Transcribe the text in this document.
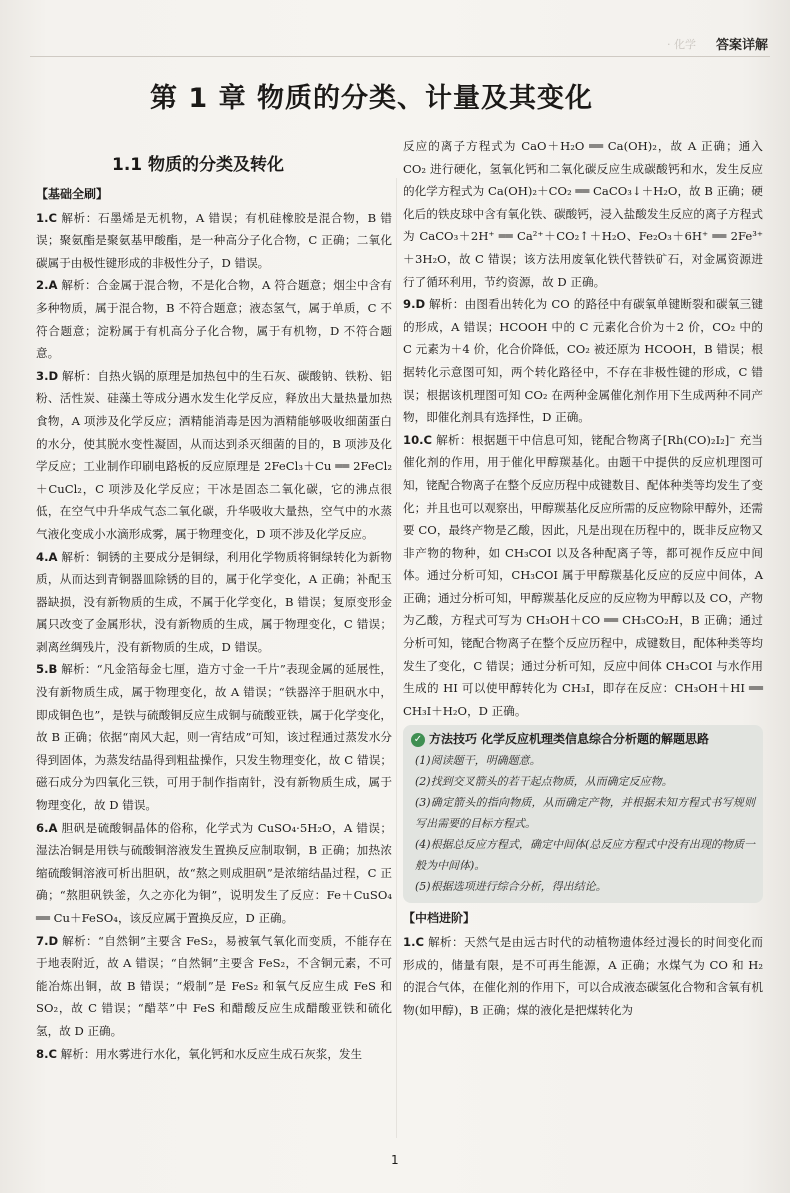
· 化学 答案详解
第 1 章 物质的分类、计量及其变化
1.1 物质的分类及转化
【基础全刷】
1.C 解析：石墨烯是无机物，A 错误；有机硅橡胶是混合物，B 错误；聚氨酯是聚氨基甲酸酯，是一种高分子化合物，C 正确；二氧化碳属于由极性键形成的非极性分子，D 错误。
2.A 解析：合金属于混合物，不是化合物，A 符合题意；烟尘中含有多种物质，属于混合物，B 不符合题意；液态氢气，属于单质，C 不符合题意；淀粉属于有机高分子化合物，属于有机物，D 不符合题意。
3.D 解析：自热火锅的原理是加热包中的生石灰、碳酸钠、铁粉、铝粉、活性炭、硅藻土等成分遇水发生化学反应，释放出大量热量加热食物，A 项涉及化学反应；酒精能消毒是因为酒精能够吸收细菌蛋白的水分，使其脱水变性凝固，从而达到杀灭细菌的目的，B 项涉及化学反应；工业制作印刷电路板的反应原理是 2FeCl₃＋Cu ══ 2FeCl₂＋CuCl₂，C 项涉及化学反应；干冰是固态二氧化碳，它的沸点很低，在空气中升华成气态二氧化碳，升华吸收大量热，空气中的水蒸气液化变成小水滴形成雾，属于物理变化，D 项不涉及化学反应。
4.A 解析：铜锈的主要成分是铜绿，利用化学物质将铜绿转化为新物质，从而达到青铜器皿除锈的目的，属于化学变化，A 正确；补配玉器缺损，没有新物质的生成，不属于化学变化，B 错误；复原变形金属只改变了金属形状，没有新物质的生成，属于物理变化，C 错误；剥离丝绸残片，没有新物质的生成，D 错误。
5.B 解析：“凡金箔每金七厘，造方寸金一千片”表现金属的延展性，没有新物质生成，属于物理变化，故 A 错误；“铁器淬于胆矾水中，即成铜色也”，是铁与硫酸铜反应生成铜与硫酸亚铁，属于化学变化，故 B 正确；依据“南风大起，则一宵结成”可知，该过程通过蒸发水分得到固体，为蒸发结晶得到粗盐操作，只发生物理变化，故 C 错误；磁石成分为四氧化三铁，可用于制作指南针，没有新物质生成，属于物理变化，故 D 错误。
6.A 胆矾是硫酸铜晶体的俗称，化学式为 CuSO₄·5H₂O，A 错误；湿法冶铜是用铁与硫酸铜溶液发生置换反应制取铜，B 正确；加热浓缩硫酸铜溶液可析出胆矾，故“熬之则成胆矾”是浓缩结晶过程，C 正确；“熬胆矾铁釜，久之亦化为铜”，说明发生了反应：Fe＋CuSO₄ ══ Cu＋FeSO₄，该反应属于置换反应，D 正确。
7.D 解析：“自然铜”主要含 FeS₂，易被氧气氧化而变质，不能存在于地表附近，故 A 错误；“自然铜”主要含 FeS₂，不含铜元素，不可能冶炼出铜，故 B 错误；“煅制”是 FeS₂ 和氧气反应生成 FeS 和 SO₂，故 C 错误；“醋萃”中 FeS 和醋酸反应生成醋酸亚铁和硫化氢，故 D 正确。
8.C 解析：用水雾进行水化，氧化钙和水反应生成石灰浆，发生
反应的离子方程式为 CaO＋H₂O ══ Ca(OH)₂，故 A 正确；通入 CO₂ 进行硬化，氢氧化钙和二氧化碳反应生成碳酸钙和水，发生反应的化学方程式为 Ca(OH)₂＋CO₂ ══ CaCO₃↓＋H₂O，故 B 正确；硬化后的铁皮球中含有氧化铁、碳酸钙，浸入盐酸发生反应的离子方程式为 CaCO₃＋2H⁺ ══ Ca²⁺＋CO₂↑＋H₂O、Fe₂O₃＋6H⁺ ══ 2Fe³⁺＋3H₂O，故 C 错误；该方法用废氧化铁代替铁矿石，对金属资源进行了循环利用，节约资源，故 D 正确。
9.D 解析：由图看出转化为 CO 的路径中有碳氧单键断裂和碳氧三键的形成，A 错误；HCOOH 中的 C 元素化合价为＋2 价，CO₂ 中的 C 元素为＋4 价，化合价降低，CO₂ 被还原为 HCOOH，B 错误；根据转化示意图可知，两个转化路径中，不存在非极性键的形成，C 错误；根据该机理图可知 CO₂ 在两种金属催化剂作用下生成两种不同产物，即催化剂具有选择性，D 正确。
10.C 解析：根据题干中信息可知，铑配合物离子[Rh(CO)₂I₂]⁻ 充当催化剂的作用，用于催化甲醇羰基化。由题干中提供的反应机理图可知，铑配合物离子在整个反应历程中成键数目、配体种类等均发生了变化；并且也可以观察出，甲醇羰基化反应所需的反应物除甲醇外，还需要 CO，最终产物是乙酸，因此，凡是出现在历程中的，既非反应物又非产物的物种，如 CH₃COI 以及各种配离子等，都可视作反应中间体。通过分析可知，CH₃COI 属于甲醇羰基化反应的反应中间体，A 正确；通过分析可知，甲醇羰基化反应的反应物为甲醇以及 CO，产物为乙酸，方程式可写为 CH₃OH＋CO ══ CH₃CO₂H，B 正确；通过分析可知，铑配合物离子在整个反应历程中，成键数目，配体种类等均发生了变化，C 错误；通过分析可知，反应中间体 CH₃COI 与水作用生成的 HI 可以使甲醇转化为 CH₃I，即存在反应：CH₃OH＋HI ══ CH₃I＋H₂O，D 正确。
✓ 方法技巧 化学反应机理类信息综合分析题的解题思路
(1)阅读题干，明确题意。
(2)找到交叉箭头的若干起点物质，从而确定反应物。
(3)确定箭头的指向物质，从而确定产物，并根据未知方程式书写规则写出需要的目标方程式。
(4)根据总反应方程式，确定中间体(总反应方程式中没有出现的物质一般为中间体)。
(5)根据选项进行综合分析，得出结论。
【中档进阶】
1.C 解析：天然气是由远古时代的动植物遗体经过漫长的时间变化而形成的，储量有限，是不可再生能源，A 正确；水煤气为 CO 和 H₂ 的混合气体，在催化剂的作用下，可以合成液态碳氢化合物和含氧有机物(如甲醇)，B 正确；煤的液化是把煤转化为
1
